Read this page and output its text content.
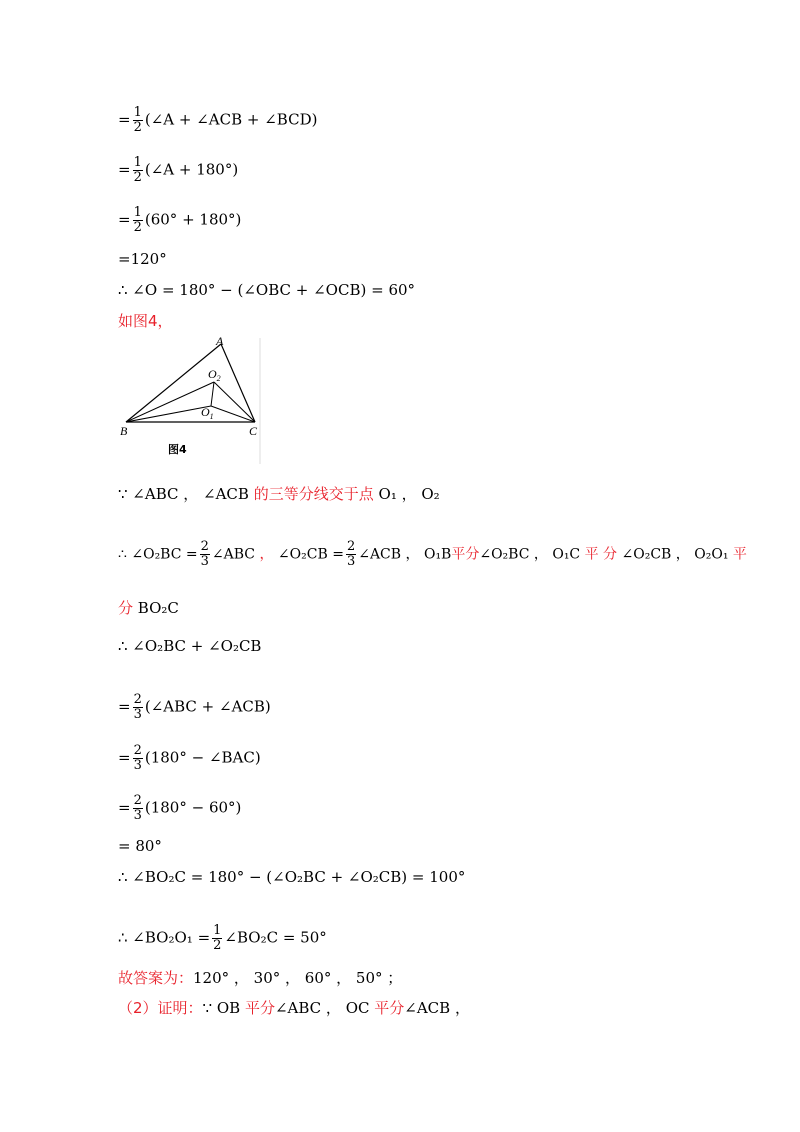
= $\frac{1}{2}$ (∠A + ∠ACB + ∠BCD)
= $\frac{1}{2}$ (∠A + 180°)
= $\frac{1}{2} (60^\circ + 180^\circ)$
=120°
∴ ∠O = 180° − (∠OBC + ∠OCB) = 60°
如图4，
A
B	C
$O_2$
$O_1$
图4
∵ ∠ABC ， ∠ACB 的三等分线交于点 O₁ ， O₂
∴ ∠O₂BC = $\frac{2}{3}$ ∠ABC ， ∠O₂CB = $\frac{2}{3}$ ∠ACB ， O₁B平分∠O₂BC ， O₁C 平 分 ∠O₂CB ， O₂O₁ 平
分 BO₂C
∴ ∠O₂BC + ∠O₂CB
= $\frac{2}{3}$ (∠ABC + ∠ACB)
= $\frac{2}{3} (180^\circ$ − ∠BAC)
= $\frac{2}{3} (180^\circ - 60^\circ)$
= 80°
∴ ∠BO₂C = 180° − (∠O₂BC + ∠O₂CB) = 100°
∴ ∠BO₂O₁ = $\frac{1}{2}$ ∠BO₂C = 50°
故答案为：120° ， 30° ， 60° ， 50° ；
（2）证明：∵ OB 平分∠ABC ， OC 平分∠ACB ，
